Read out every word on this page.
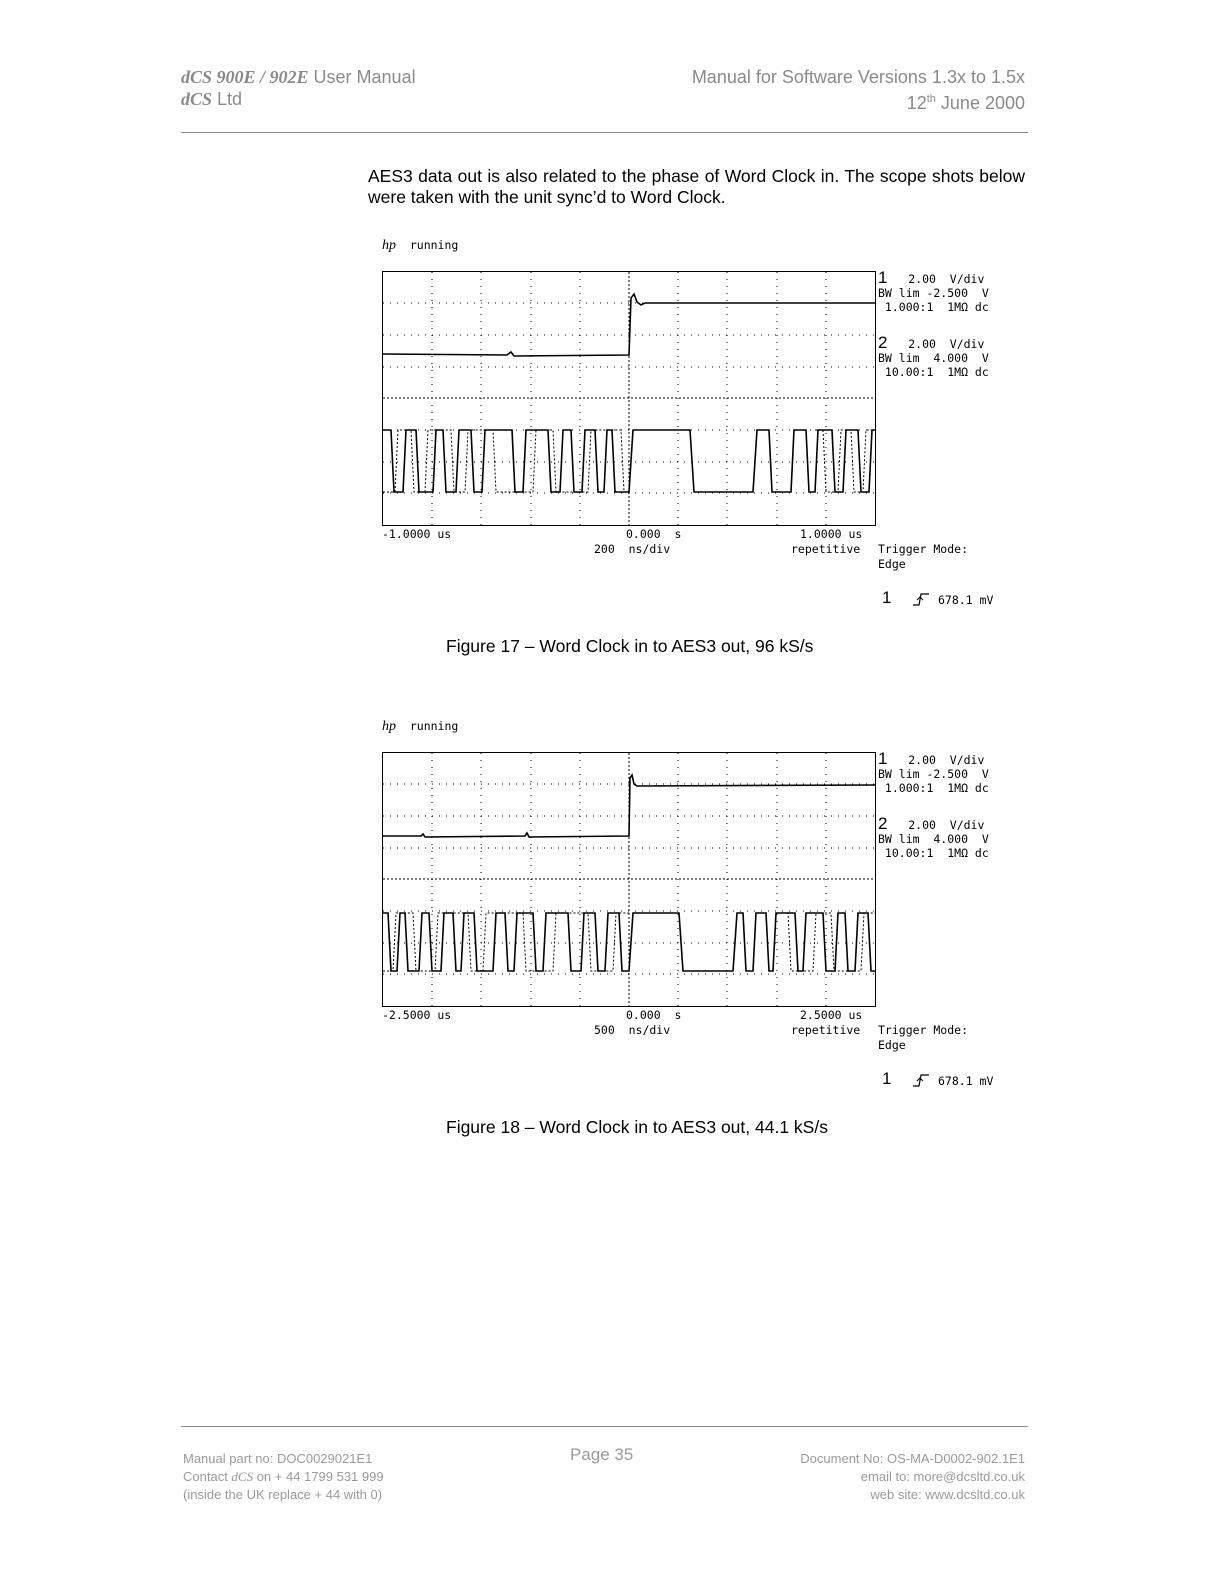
dCS 900E / 902E User Manual
dCS Ltd
Manual for Software Versions 1.3x to 1.5x
12th June 2000
AES3 data out is also related to the phase of Word Clock in. The scope shots below were taken with the unit sync’d to Word Clock.
hp running
1 2.00  V/div
BW lim -2.500  V
1.000:1  1MΩ dc
2 2.00  V/div
BW lim  4.000  V
10.00:1  1MΩ dc
-1.0000 us	0.000  s	1.0000 us
200  ns/div	repetitive Trigger Mode:
Edge
1	678.1 mV
Figure 17 – Word Clock in to AES3 out, 96 kS/s
hp running
1 2.00  V/div
BW lim -2.500  V
1.000:1  1MΩ dc
2 2.00  V/div
BW lim  4.000  V
10.00:1  1MΩ dc
-2.5000 us	0.000  s	2.5000 us
500  ns/div	repetitive Trigger Mode:
Edge
1	678.1 mV
Figure 18 – Word Clock in to AES3 out, 44.1 kS/s
Manual part no: DOC0029021E1
Contact dCS on + 44 1799 531 999
(inside the UK replace + 44 with 0)
Page 35	Document No: OS-MA-D0002-902.1E1
email to: more@dcsltd.co.uk
web site: www.dcsltd.co.uk
